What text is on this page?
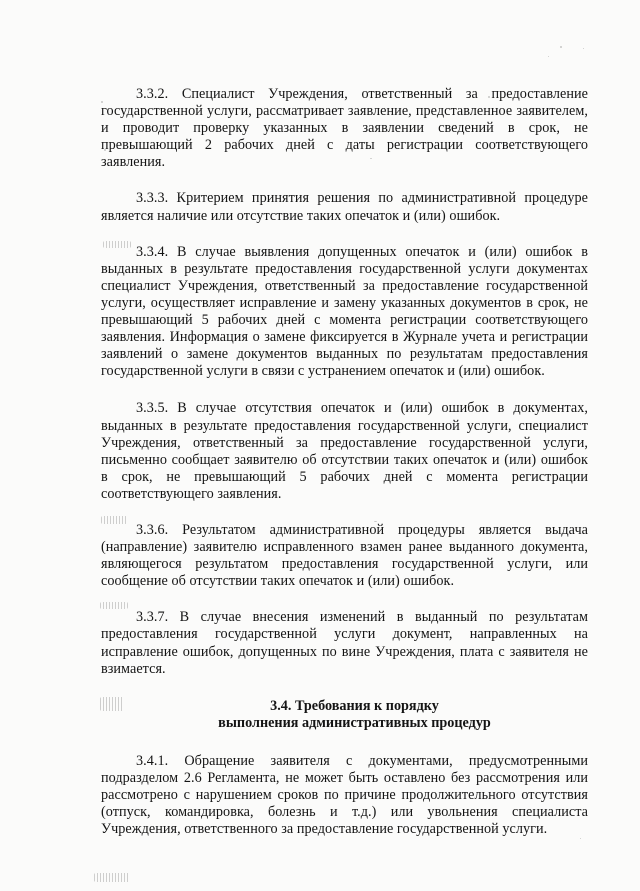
3.3.2. Специалист Учреждения, ответственный за предоставление государственной услуги, рассматривает заявление, представленное заявителем, и проводит проверку указанных в заявлении сведений в срок, не превышающий 2 рабочих дней с даты регистрации соответствующего заявления.

3.3.3. Критерием принятия решения по административной процедуре является наличие или отсутствие таких опечаток и (или) ошибок.

3.3.4. В случае выявления допущенных опечаток и (или) ошибок в выданных в результате предоставления государственной услуги документах специалист Учреждения, ответственный за предоставление государственной услуги, осуществляет исправление и замену указанных документов в срок, не превышающий 5 рабочих дней с момента регистрации соответствующего заявления. Информация о замене фиксируется в Журнале учета и регистрации заявлений о замене документов выданных по результатам предоставления государственной услуги в связи с устранением опечаток и (или) ошибок.

3.3.5. В случае отсутствия опечаток и (или) ошибок в документах, выданных в результате предоставления государственной услуги, специалист Учреждения, ответственный за предоставление государственной услуги, письменно сообщает заявителю об отсутствии таких опечаток и (или) ошибок в срок, не превышающий 5 рабочих дней с момента регистрации соответствующего заявления.

3.3.6. Результатом административной процедуры является выдача (направление) заявителю исправленного взамен ранее выданного документа, являющегося результатом предоставления государственной услуги, или сообщение об отсутствии таких опечаток и (или) ошибок.

3.3.7. В случае внесения изменений в выданный по результатам предоставления государственной услуги документ, направленных на исправление ошибок, допущенных по вине Учреждения, плата с заявителя не взимается.

3.4. Требования к порядку
выполнения административных процедур

3.4.1. Обращение заявителя с документами, предусмотренными подразделом 2.6 Регламента, не может быть оставлено без рассмотрения или рассмотрено с нарушением сроков по причине продолжительного отсутствия (отпуск, командировка, болезнь и т.д.) или увольнения специалиста Учреждения, ответственного за предоставление государственной услуги.
